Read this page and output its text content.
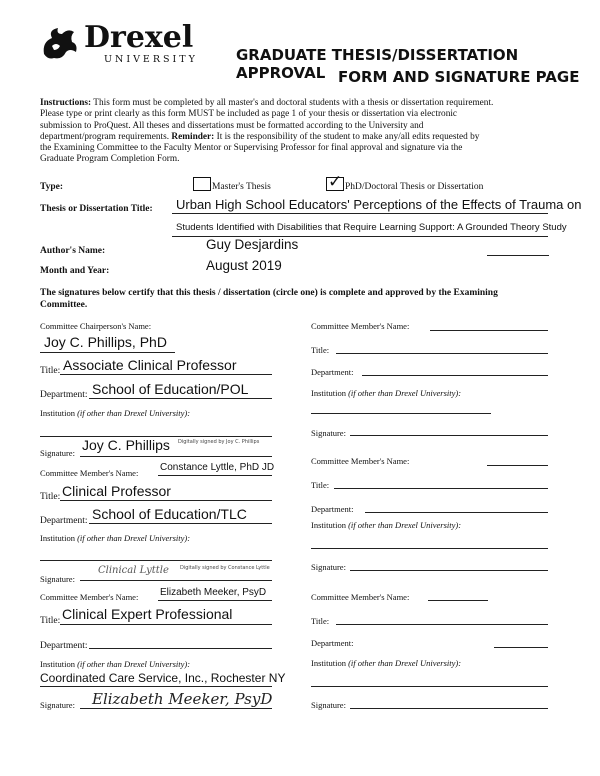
Drexel
UNIVERSITY	GRADUATE THESIS/DISSERTATION APPROVAL FORM AND SIGNATURE PAGE
Instructions: This form must be completed by all master's and doctoral students with a thesis or dissertation requirement.
Please type or print clearly as this form MUST be included as page 1 of your thesis or dissertation via electronic
submission to ProQuest. All theses and dissertations must be formatted according to the University and
department/program requirements. Reminder: It is the responsibility of the student to make any/all edits requested by
the Examining Committee to the Faculty Mentor or Supervising Professor for final approval and signature via the
Graduate Program Completion Form.
Type:	Master's Thesis	✓ PhD/Doctoral Thesis or Dissertation
Thesis or Dissertation Title: Urban High School Educators' Perceptions of the Effects of Trauma on
Students Identified with Disabilities that Require Learning Support: A Grounded Theory Study
Guy Desjardins
Author's Name:
August 2019
Month and Year:
The signatures below certify that this thesis / dissertation (circle one) is complete and approved by the Examining
Committee.
Committee Chairperson's Name:
Joy C. Phillips, PhD
Title: Associate Clinical Professor
Department: School of Education/POL
Institution (if other than Drexel University):
Signature: Joy C. Phillips Digitally signed by Joy C. Phillips
Committee Member's Name: Constance Lyttle, PhD JD
Title: Clinical Professor
Department: School of Education/TLC
Institution (if other than Drexel University):
Signature:
Clinical Lyttle Digitally signed by Constance Lyttle
Committee Member's Name: Elizabeth Meeker, PsyD
Title: Clinical Expert Professional
Department:
Institution (if other than Drexel University):
Coordinated Care Service, Inc., Rochester NY
Signature: Elizabeth Meeker, PsyD
Committee Member's Name:
Title:
Department:
Institution (if other than Drexel University):
Signature:
Committee Member's Name:
Title:
Department:
Institution (if other than Drexel University):
Signature:
Committee Member's Name:
Title:
Department:
Institution (if other than Drexel University):
Signature:
